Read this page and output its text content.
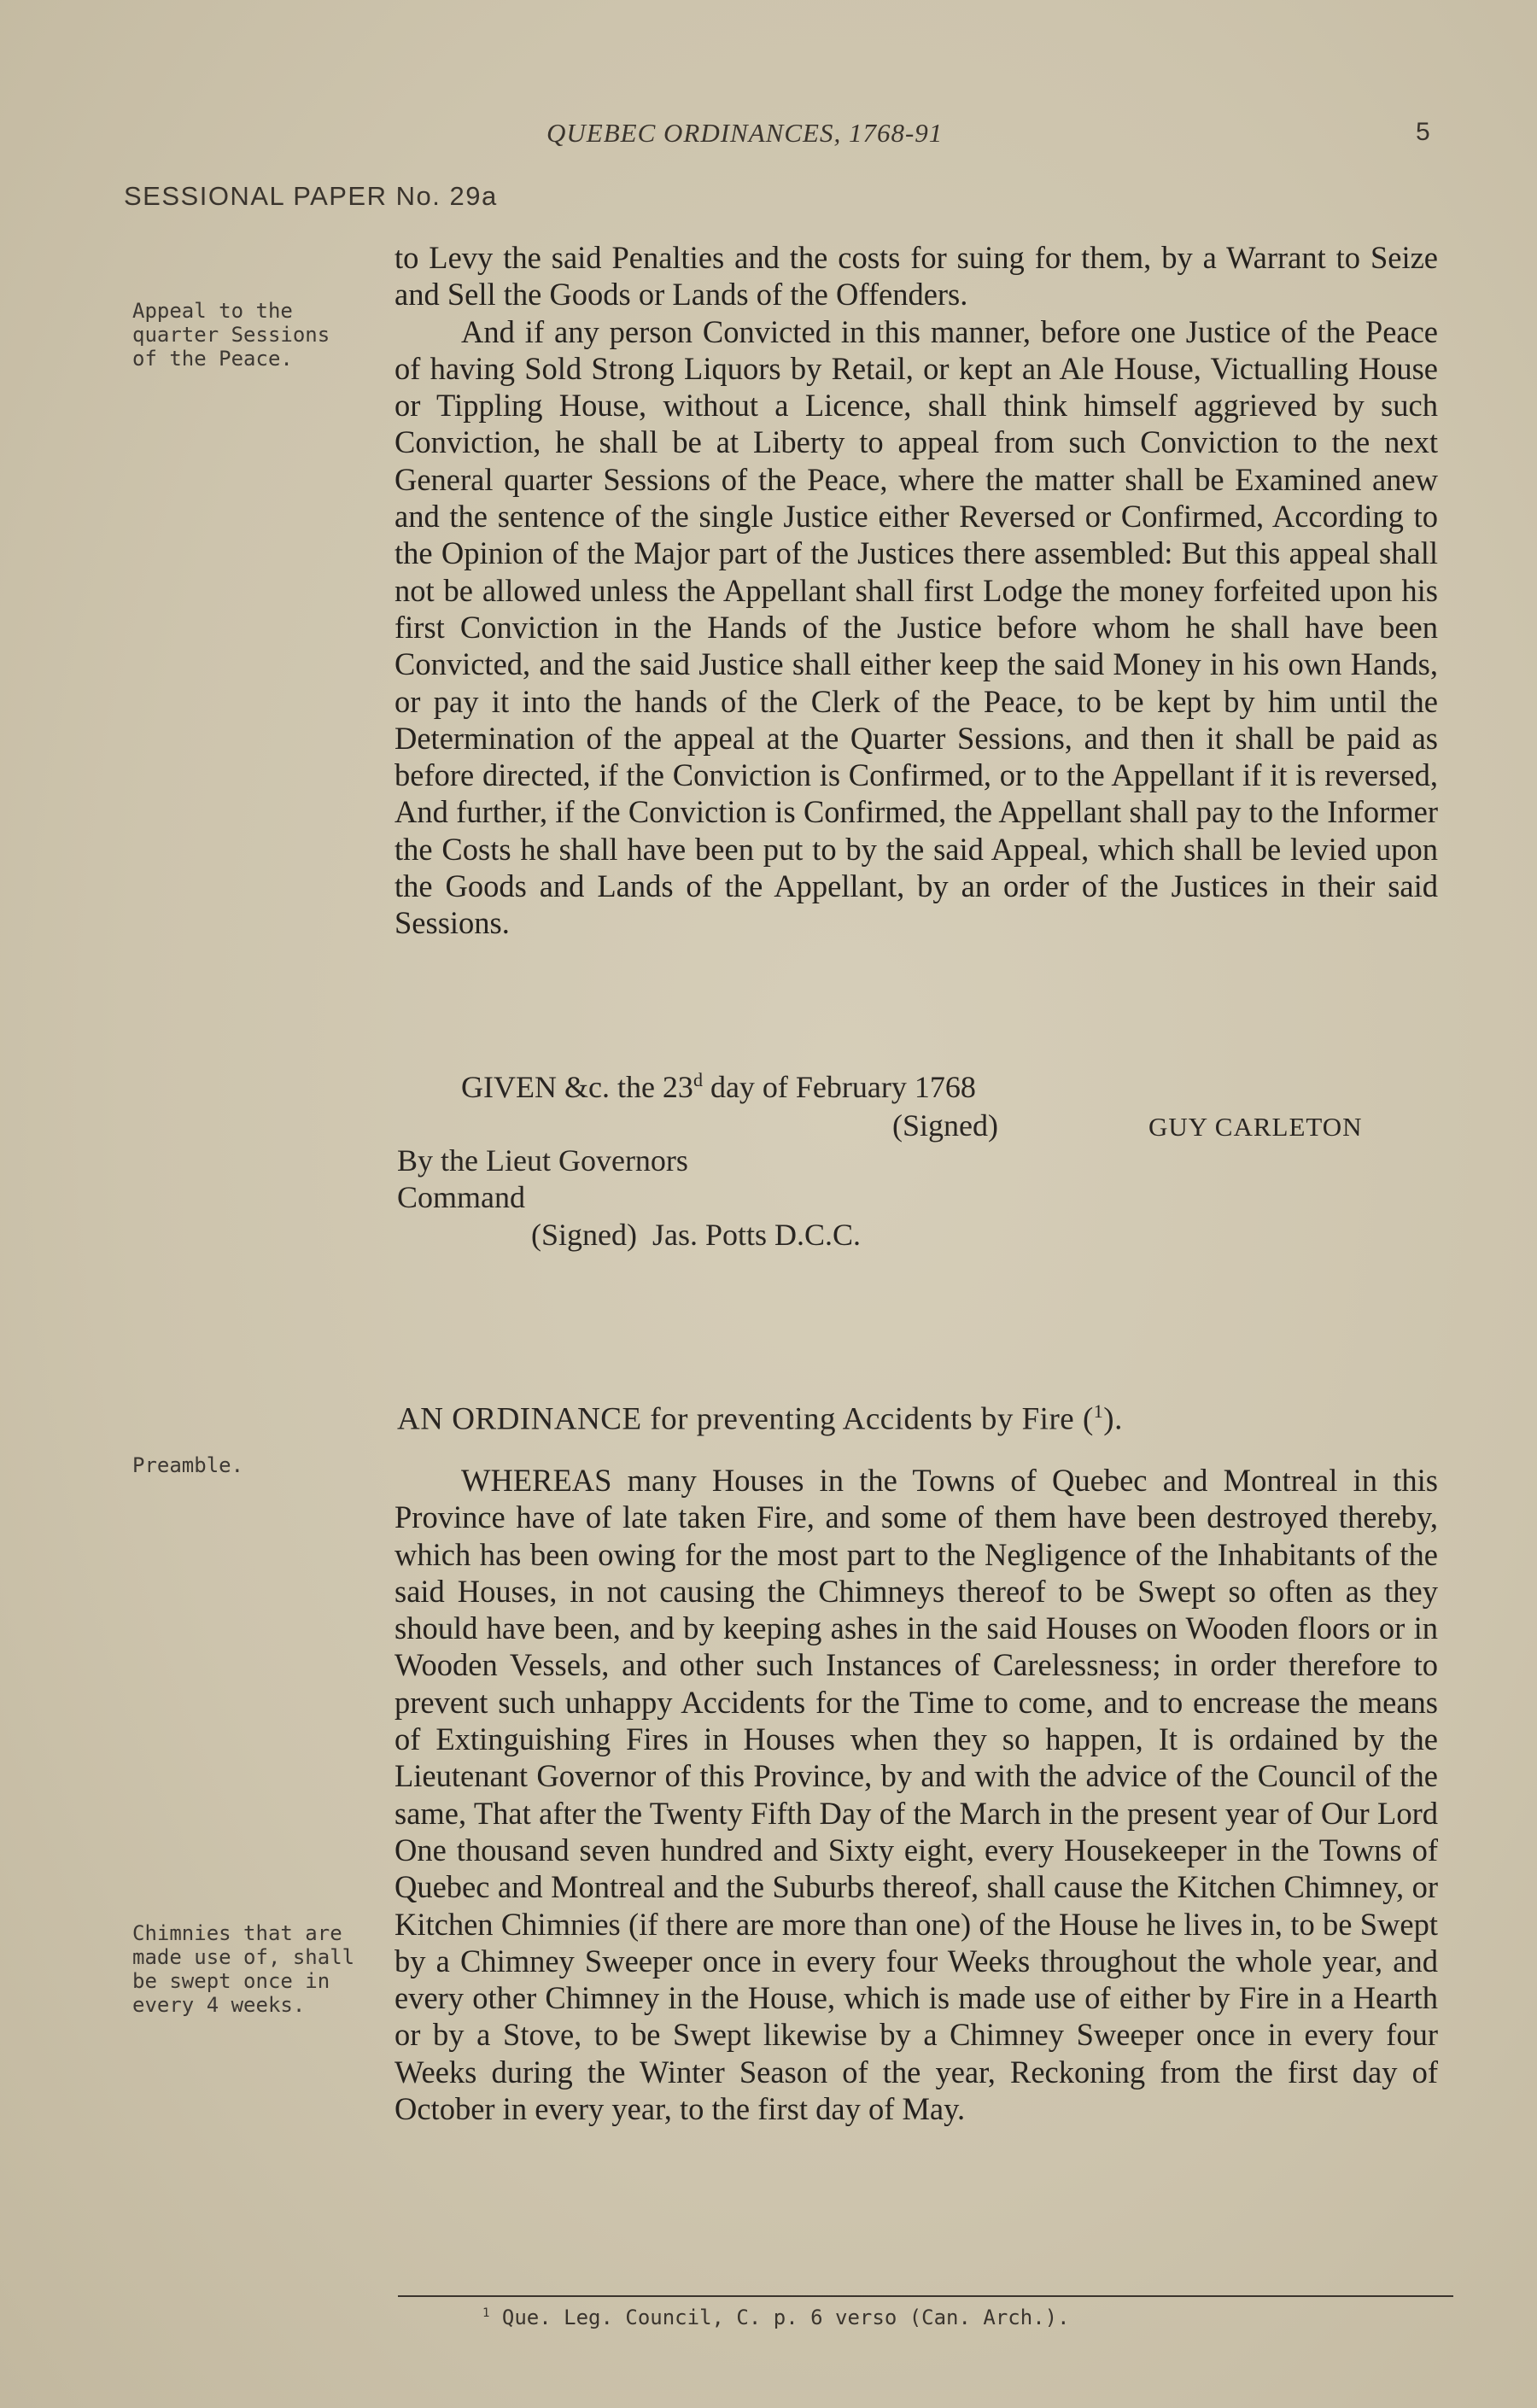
QUEBEC ORDINANCES, 1768-91	5
SESSIONAL PAPER No. 29a
Appeal to the quarter Sessions of the Peace.
Preamble.
Chimnies that are made use of, shall be swept once in every 4 weeks.

to Levy the said Penalties and the costs for suing for them, by a Warrant to Seize and Sell the Goods or Lands of the Offenders.

And if any person Convicted in this manner, before one Justice of the Peace of having Sold Strong Liquors by Retail, or kept an Ale House, Victualling House or Tippling House, without a Licence, shall think himself aggrieved by such Conviction, he shall be at Liberty to appeal from such Conviction to the next General quarter Sessions of the Peace, where the matter shall be Examined anew and the sentence of the single Justice either Reversed or Confirmed, According to the Opinion of the Major part of the Justices there assembled: But this appeal shall not be allowed unless the Appellant shall first Lodge the money forfeited upon his first Conviction in the Hands of the Justice before whom he shall have been Convicted, and the said Justice shall either keep the said Money in his own Hands, or pay it into the hands of the Clerk of the Peace, to be kept by him until the Determination of the appeal at the Quarter Sessions, and then it shall be paid as before directed, if the Conviction is Confirmed, or to the Appellant if it is reversed, And further, if the Conviction is Confirmed, the Appellant shall pay to the Informer the Costs he shall have been put to by the said Appeal, which shall be levied upon the Goods and Lands of the Appellant, by an order of the Justices in their said Sessions.

GIVEN &c. the 23$^d$ day of February 1768
(Signed)	GUY CARLETON
By the Lieut Governors
Command
(Signed)  Jas. Potts D.C.C.
AN ORDINANCE for preventing Accidents by Fire ($^1$).

WHEREAS many Houses in the Towns of Quebec and Montreal in this Province have of late taken Fire, and some of them have been destroyed thereby, which has been owing for the most part to the Negligence of the Inhabitants of the said Houses, in not causing the Chimneys thereof to be Swept so often as they should have been, and by keeping ashes in the said Houses on Wooden floors or in Wooden Vessels, and other such Instances of Carelessness; in order therefore to prevent such unhappy Accidents for the Time to come, and to encrease the means of Extinguishing Fires in Houses when they so happen, It is ordained by the Lieutenant Governor of this Province, by and with the advice of the Council of the same, That after the Twenty Fifth Day of the March in the present year of Our Lord One thousand seven hundred and Sixty eight, every Housekeeper in the Towns of Quebec and Montreal and the Suburbs thereof, shall cause the Kitchen Chimney, or Kitchen Chimnies (if there are more than one) of the House he lives in, to be Swept by a Chimney Sweeper once in every four Weeks throughout the whole year, and every other Chimney in the House, which is made use of either by Fire in a Hearth or by a Stove, to be Swept likewise by a Chimney Sweeper once in every four Weeks during the Winter Season of the year, Reckoning from the first day of October in every year, to the first day of May.

$^1$ Que. Leg. Council, C. p. 6 verso (Can. Arch.).
